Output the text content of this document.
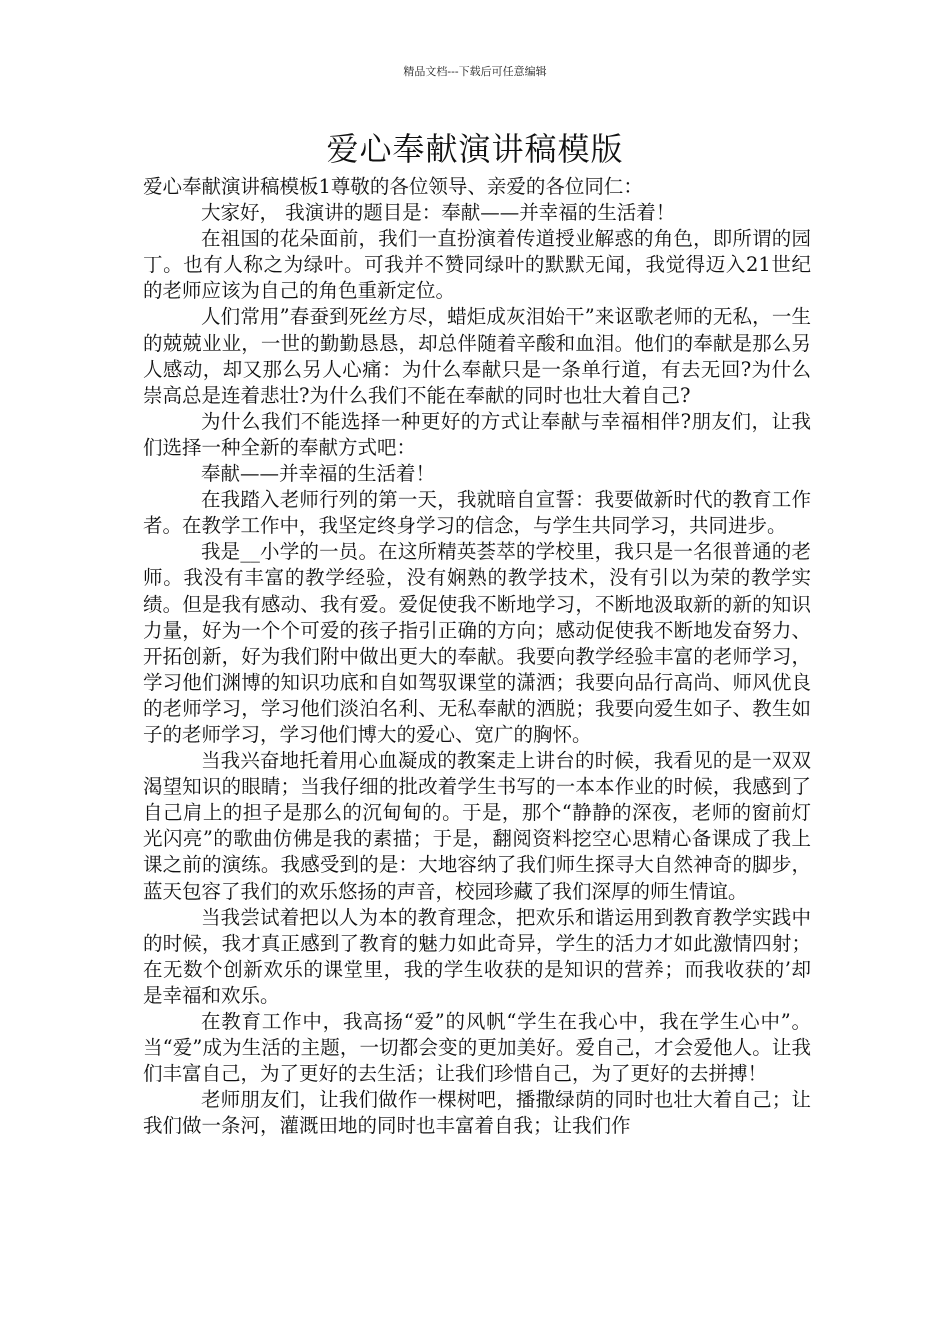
精品文档---下载后可任意编辑
爱心奉献演讲稿模版

爱心奉献演讲稿模板1尊敬的各位领导、亲爱的各位同仁：

大家好， 我演讲的题目是：奉献——并幸福的生活着！

在祖国的花朵面前，我们一直扮演着传道授业解惑的角色，即所谓的园丁。也有人称之为绿叶。可我并不赞同绿叶的默默无闻，我觉得迈入21世纪的老师应该为自己的角色重新定位。

人们常用”春蚕到死丝方尽，蜡炬成灰泪始干”来讴歌老师的无私，一生的兢兢业业，一世的勤勤恳恳，却总伴随着辛酸和血泪。他们的奉献是那么另人感动，却又那么另人心痛：为什么奉献只是一条单行道，有去无回?为什么崇高总是连着悲壮?为什么我们不能在奉献的同时也壮大着自己?

为什么我们不能选择一种更好的方式让奉献与幸福相伴?朋友们，让我们选择一种全新的奉献方式吧：

奉献——并幸福的生活着！

在我踏入老师行列的第一天，我就暗自宣誓：我要做新时代的教育工作者。在教学工作中，我坚定终身学习的信念，与学生共同学习，共同进步。

我是__小学的一员。在这所精英荟萃的学校里，我只是一名很普通的老师。我没有丰富的教学经验，没有娴熟的教学技术，没有引以为荣的教学实绩。但是我有感动、我有爱。爱促使我不断地学习，不断地汲取新的新的知识力量，好为一个个可爱的孩子指引正确的方向；感动促使我不断地发奋努力、开拓创新，好为我们附中做出更大的奉献。我要向教学经验丰富的老师学习，学习他们渊博的知识功底和自如驾驭课堂的潇洒；我要向品行高尚、师风优良的老师学习，学习他们淡泊名利、无私奉献的洒脱；我要向爱生如子、教生如子的老师学习，学习他们博大的爱心、宽广的胸怀。

当我兴奋地托着用心血凝成的教案走上讲台的时候，我看见的是一双双渴望知识的眼睛；当我仔细的批改着学生书写的一本本作业的时候，我感到了自己肩上的担子是那么的沉甸甸的。于是，那个“静静的深夜，老师的窗前灯光闪亮”的歌曲仿佛是我的素描；于是，翻阅资料挖空心思精心备课成了我上课之前的演练。我感受到的是：大地容纳了我们师生探寻大自然神奇的脚步，蓝天包容了我们的欢乐悠扬的声音，校园珍藏了我们深厚的师生情谊。

当我尝试着把以人为本的教育理念，把欢乐和谐运用到教育教学实践中的时候，我才真正感到了教育的魅力如此奇异，学生的活力才如此激情四射；在无数个创新欢乐的课堂里，我的学生收获的是知识的营养；而我收获的’却是幸福和欢乐。

在教育工作中，我高扬“爱”的风帆“学生在我心中，我在学生心中”。当“爱”成为生活的主题，一切都会变的更加美好。爱自己，才会爱他人。让我们丰富自己，为了更好的去生活；让我们珍惜自己，为了更好的去拼搏！

老师朋友们，让我们做作一棵树吧，播撒绿荫的同时也壮大着自己；让我们做一条河，灌溉田地的同时也丰富着自我；让我们作
